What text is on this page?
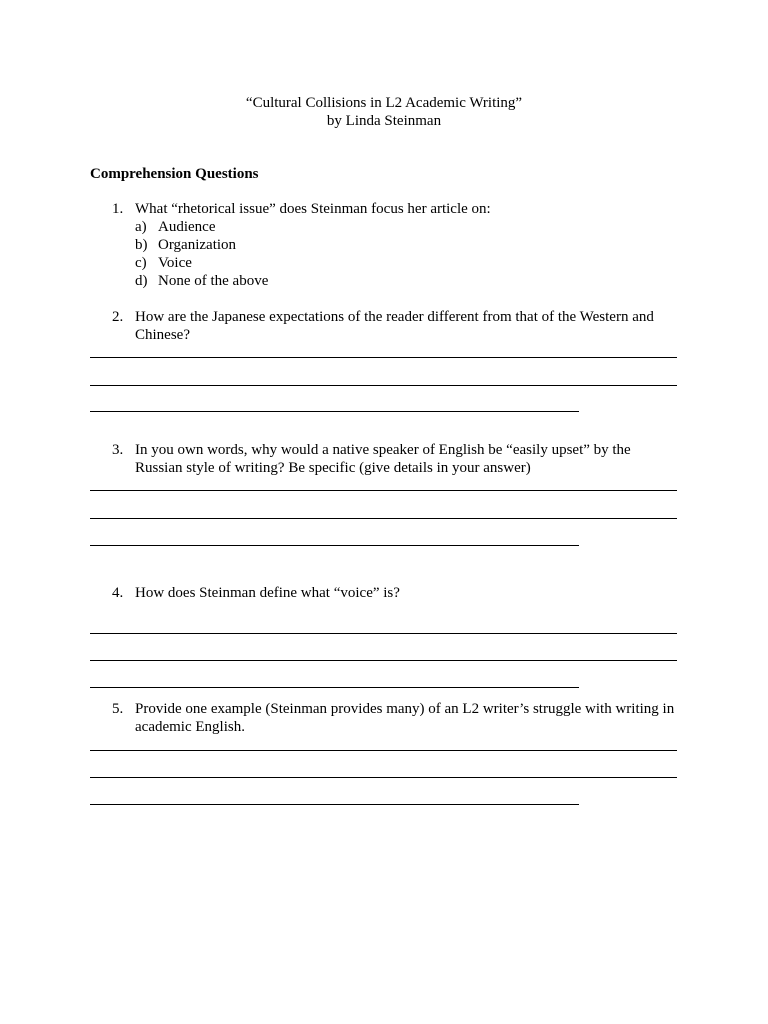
“Cultural Collisions in L2 Academic Writing”
by Linda Steinman
Comprehension Questions
1. What “rhetorical issue” does Steinman focus her article on:
a) Audience
b) Organization
c) Voice
d) None of the above
2. How are the Japanese expectations of the reader different from that of the Western and
Chinese?
3. In you own words, why would a native speaker of English be “easily upset” by the
Russian style of writing? Be specific (give details in your answer)
4. How does Steinman define what “voice” is?
5. Provide one example (Steinman provides many) of an L2 writer’s struggle with writing in
academic English.
